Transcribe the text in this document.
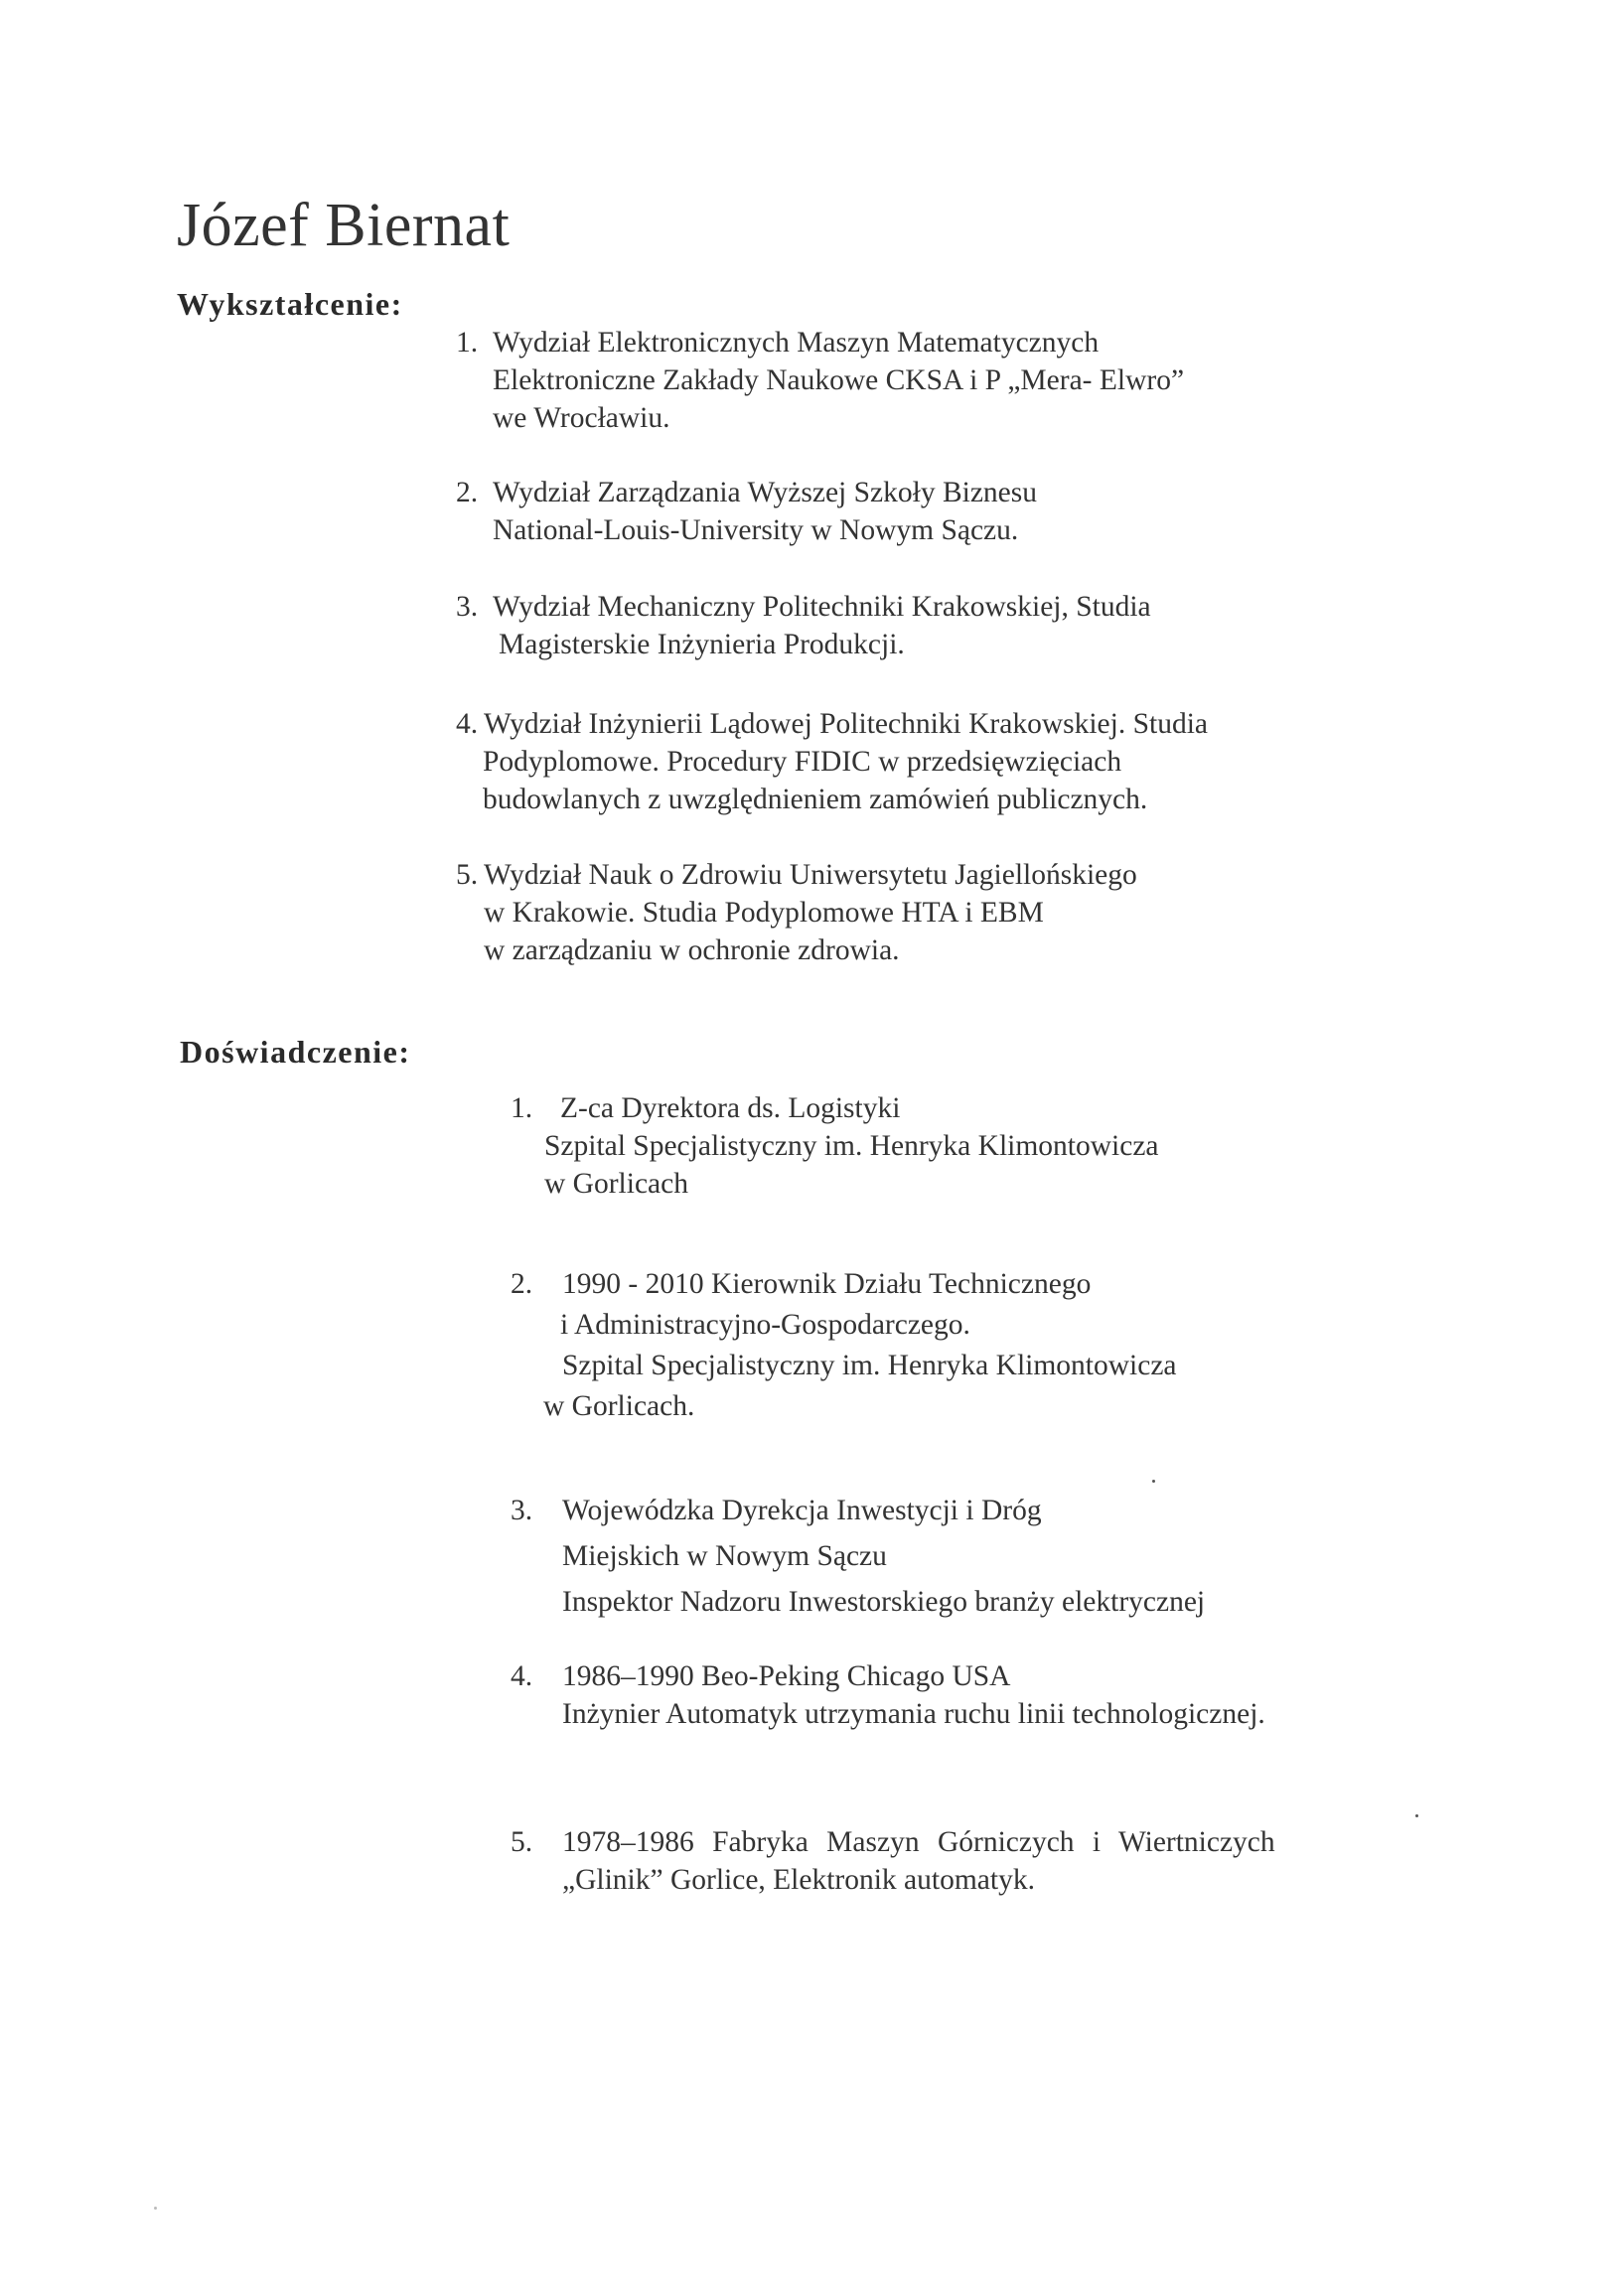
Józef Biernat
Wykształcenie:
1. Wydział Elektronicznych Maszyn Matematycznych
Elektroniczne Zakłady Naukowe CKSA i P „Mera- Elwro”
we Wrocławiu.
2. Wydział Zarządzania Wyższej Szkoły Biznesu
National-Louis-University w Nowym Sączu.
3. Wydział Mechaniczny Politechniki Krakowskiej, Studia
Magisterskie Inżynieria Produkcji.
4. Wydział Inżynierii Lądowej Politechniki Krakowskiej. Studia
Podyplomowe. Procedury FIDIC w przedsięwzięciach
budowlanych z uwzględnieniem zamówień publicznych.
5. Wydział Nauk o Zdrowiu Uniwersytetu Jagiellońskiego
w Krakowie. Studia Podyplomowe HTA i EBM
w zarządzaniu w ochronie zdrowia.
Doświadczenie:
1. Z-ca Dyrektora ds. Logistyki
Szpital Specjalistyczny im. Henryka Klimontowicza
w Gorlicach
2.	1990 - 2010 Kierownik Działu Technicznego
i Administracyjno-Gospodarczego.
Szpital Specjalistyczny im. Henryka Klimontowicza
w Gorlicach.
3.	Wojewódzka Dyrekcja Inwestycji i Dróg
Miejskich w Nowym Sączu
Inspektor Nadzoru Inwestorskiego branży elektrycznej
4.	1986–1990 Beo-Peking Chicago USA
Inżynier Automatyk utrzymania ruchu linii technologicznej.
5.	1978–1986 Fabryka Maszyn Górniczych i Wiertniczych
„Glinik” Gorlice, Elektronik automatyk.
